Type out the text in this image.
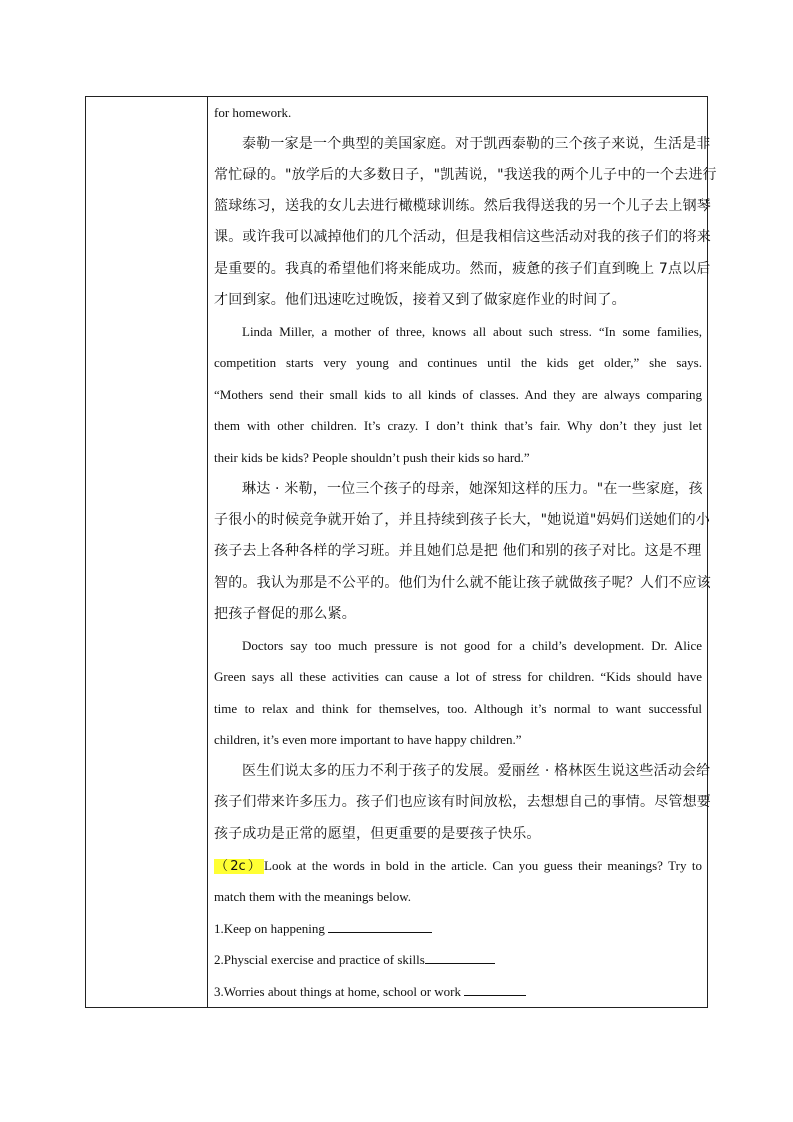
for homework.
泰勒一家是一个典型的美国家庭。对于凯西泰勒的三个孩子来说，生活是非
常忙碌的。"放学后的大多数日子，"凯茜说，"我送我的两个儿子中的一个去进行
篮球练习，送我的女儿去进行橄榄球训练。然后我得送我的另一个儿子去上钢琴
课。或许我可以减掉他们的几个活动，但是我相信这些活动对我的孩子们的将来
是重要的。我真的希望他们将来能成功。然而，疲惫的孩子们直到晚上 7点以后
才回到家。他们迅速吃过晚饭，接着又到了做家庭作业的时间了。
Linda Miller, a mother of three, knows all about such stress. “In some families,
competition starts very young and continues until the kids get older,” she says.
“Mothers send their small kids to all kinds of classes. And they are always comparing
them with other children. It’s crazy. I don’t think that’s fair. Why don’t they just let
their kids be kids? People shouldn’t push their kids so hard.”
琳达 · 米勒，一位三个孩子的母亲，她深知这样的压力。"在一些家庭，孩
子很小的时候竞争就开始了，并且持续到孩子长大，"她说道"妈妈们送她们的小
孩子去上各种各样的学习班。并且她们总是把 他们和别的孩子对比。这是不理
智的。我认为那是不公平的。他们为什么就不能让孩子就做孩子呢？人们不应该
把孩子督促的那么紧。
Doctors say too much pressure is not good for a child’s development. Dr. Alice
Green says all these activities can cause a lot of stress for children. “Kids should have
time to relax and think for themselves, too. Although it’s normal to want successful
children, it’s even more important to have happy children.”
医生们说太多的压力不利于孩子的发展。爱丽丝 · 格林医生说这些活动会给
孩子们带来许多压力。孩子们也应该有时间放松，去想想自己的事情。尽管想要
孩子成功是正常的愿望，但更重要的是要孩子快乐。
（2c）Look at the words in bold in the article. Can you guess their meanings? Try to
match them with the meanings below.
1.Keep on happening
2.Physcial exercise and practice of skills
3.Worries about things at home, school or work
